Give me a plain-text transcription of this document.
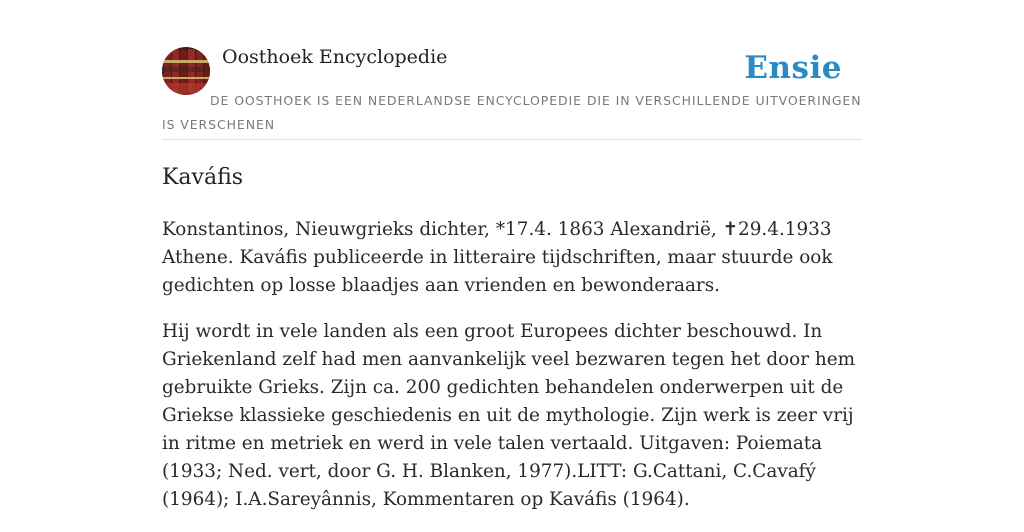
Oosthoek Encyclopedie	Ensie
DE OOSTHOEK IS EEN NEDERLANDSE ENCYCLOPEDIE DIE IN VERSCHILLENDE UITVOERINGEN IS VERSCHENEN
Kaváfis

Konstantinos, Nieuwgrieks dichter, *17.4. 1863 Alexandrië, ✝29.4.1933 Athene. Kaváfis publiceerde in litteraire tijdschriften, maar stuurde ook gedichten op losse blaadjes aan vrienden en bewonderaars.

Hij wordt in vele landen als een groot Europees dichter beschouwd. In Griekenland zelf had men aanvankelijk veel bezwaren tegen het door hem gebruikte Grieks. Zijn ca. 200 gedichten behandelen onderwerpen uit de Griekse klassieke geschiedenis en uit de mythologie. Zijn werk is zeer vrij in ritme en metriek en werd in vele talen vertaald. Uitgaven: Poiemata (1933; Ned. vert, door G. H. Blanken, 1977).LITT: G.Cattani, C.Cavafý (1964); I.A.Sareyânnis, Kommentaren op Kaváfis (1964).
